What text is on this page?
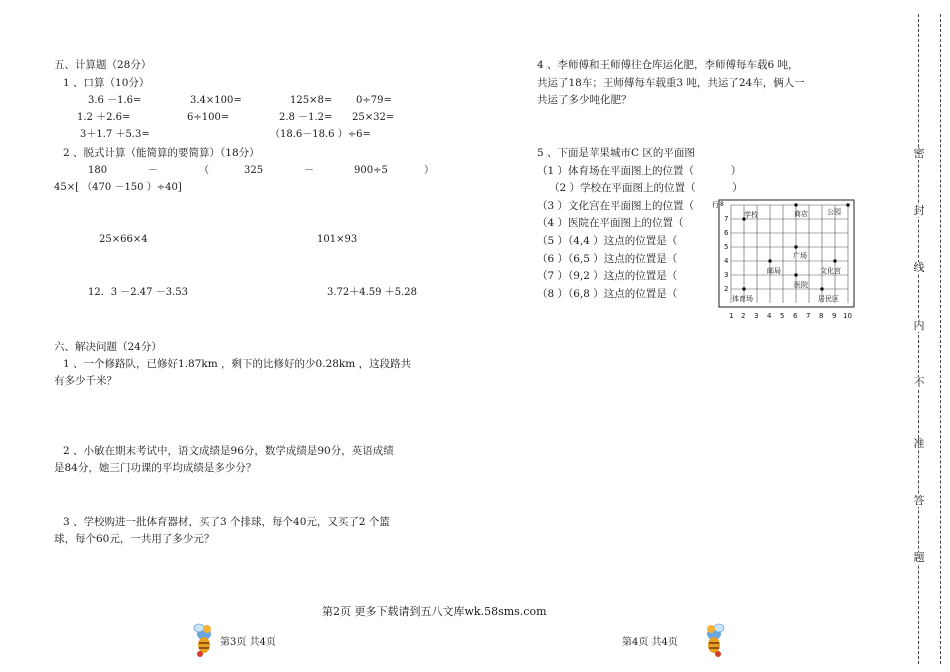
五、计算题（28分）
1 、口算（10分）
3.6 －1.6=	3.4×100=	125×8= 0÷79=
1.2 ＋2.6=	6÷100=	2.8 －1.2= 25×32=
3＋1.7 ＋5.3=	（18.6－18.6 ）÷6=
2 、脱式计算（能简算的要简算）（18分）
180	－	（	325	－	900÷5	）
45×[ （470 －150 ）÷40]
25×66×4	101×93
12．3 －2.47 －3.53	3.72＋4.59 ＋5.28
六、解决问题（24分）
1 、一个修路队，已修好1.87km ，剩下的比修好的少0.28km ，这段路共
有多少千米？
2 、小敏在期末考试中，语文成绩是96分，数学成绩是90分，英语成绩
是84分，她三门功课的平均成绩是多少分？
3 、学校购进一批体育器材，买了3 个排球，每个40元，又买了2 个篮
球，每个60元，一共用了多少元？
4 、李师傅和王师傅往仓库运化肥，李师傅每车载6 吨，
共运了18车；王师傅每车载重3 吨，共运了24车，俩人一
共运了多少吨化肥？
5 、下面是苹果城市C 区的平面图
（1 ）体育场在平面图上的位置（           ）
（2 ）学校在平面图上的位置（           ）
（3 ）文化宫在平面图上的位置（
（4 ）医院在平面图上的位置（
（5 ）（4,4 ）这点的位置是（
（6 ）（6,5 ）这点的位置是（
（7 ）（9,2 ）这点的位置是（
（8 ）（6,8 ）这点的位置是（
学校	商店	公园
广场
邮局	文化宫
医院
体育场	居民区
行
7
6
5
4
3
2
8
1 2 3 4 5 6 7 8 9 10
第2页 更多下载请到五八文库wk.58sms.com
第3页 共4页	第4页 共4页
密
封
线
内
不
准
答
题
